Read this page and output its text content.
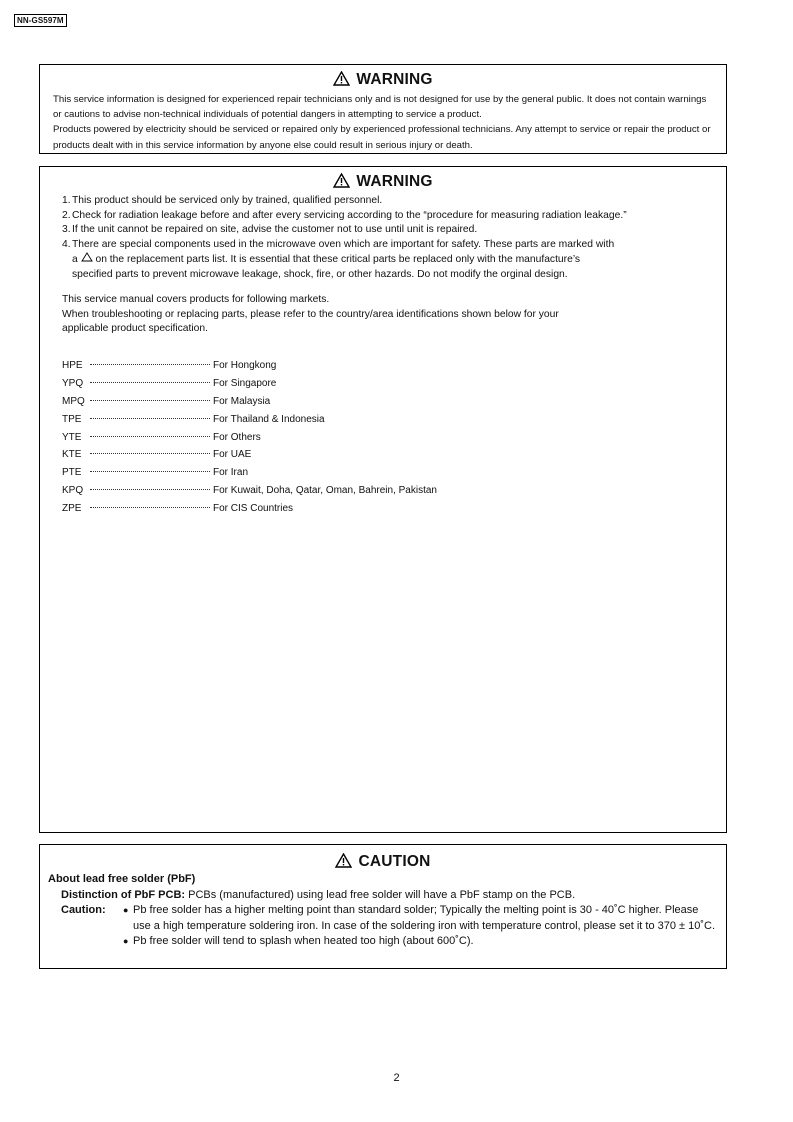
NN-GS597M
WARNING

This service information is designed for experienced repair technicians only and is not designed for use by the general public. It does not contain warnings or cautions to advise non-technical individuals of potential dangers in attempting to service a product.

Products powered by electricity should be serviced or repaired only by experienced professional technicians. Any attempt to service or repair the product or products dealt with in this service information by anyone else could result in serious injury or death.

WARNING
1. This product should be serviced only by trained, qualified personnel.
2. Check for radiation leakage before and after every servicing according to the “procedure for measuring radiation leakage.”
3. If the unit cannot be repaired on site, advise the customer not to use until unit is repaired.
4. There are special components used in the microwave oven which are important for safety. These parts are marked with
a on the replacement parts list. It is essential that these critical parts be replaced only with the manufacture’s
specified parts to prevent microwave leakage, shock, fire, or other hazards. Do not modify the orginal design.

This service manual covers products for following markets.

When troubleshooting or replacing parts, please refer to the country/area identifications shown below for your

applicable product specification.

HPE	For Hongkong
YPQ	For Singapore
MPQ	For Malaysia
TPE	For Thailand & Indonesia
YTE	For Others
KTE	For UAE
PTE	For Iran
KPQ	For Kuwait, Doha, Qatar, Oman, Bahrein, Pakistan
ZPE	For CIS Countries
CAUTION

About lead free solder (PbF)

Distinction of PbF PCB: PCBs (manufactured) using lead free solder will have a PbF stamp on the PCB.

Caution:	● Pb free solder has a higher melting point than standard solder; Typically the melting point is 30 - 40˚C higher. Please use a high temperature soldering iron. In case of the soldering iron with temperature control, please set it to 370 ± 10˚C.
● Pb free solder will tend to splash when heated too high (about 600˚C).
2
